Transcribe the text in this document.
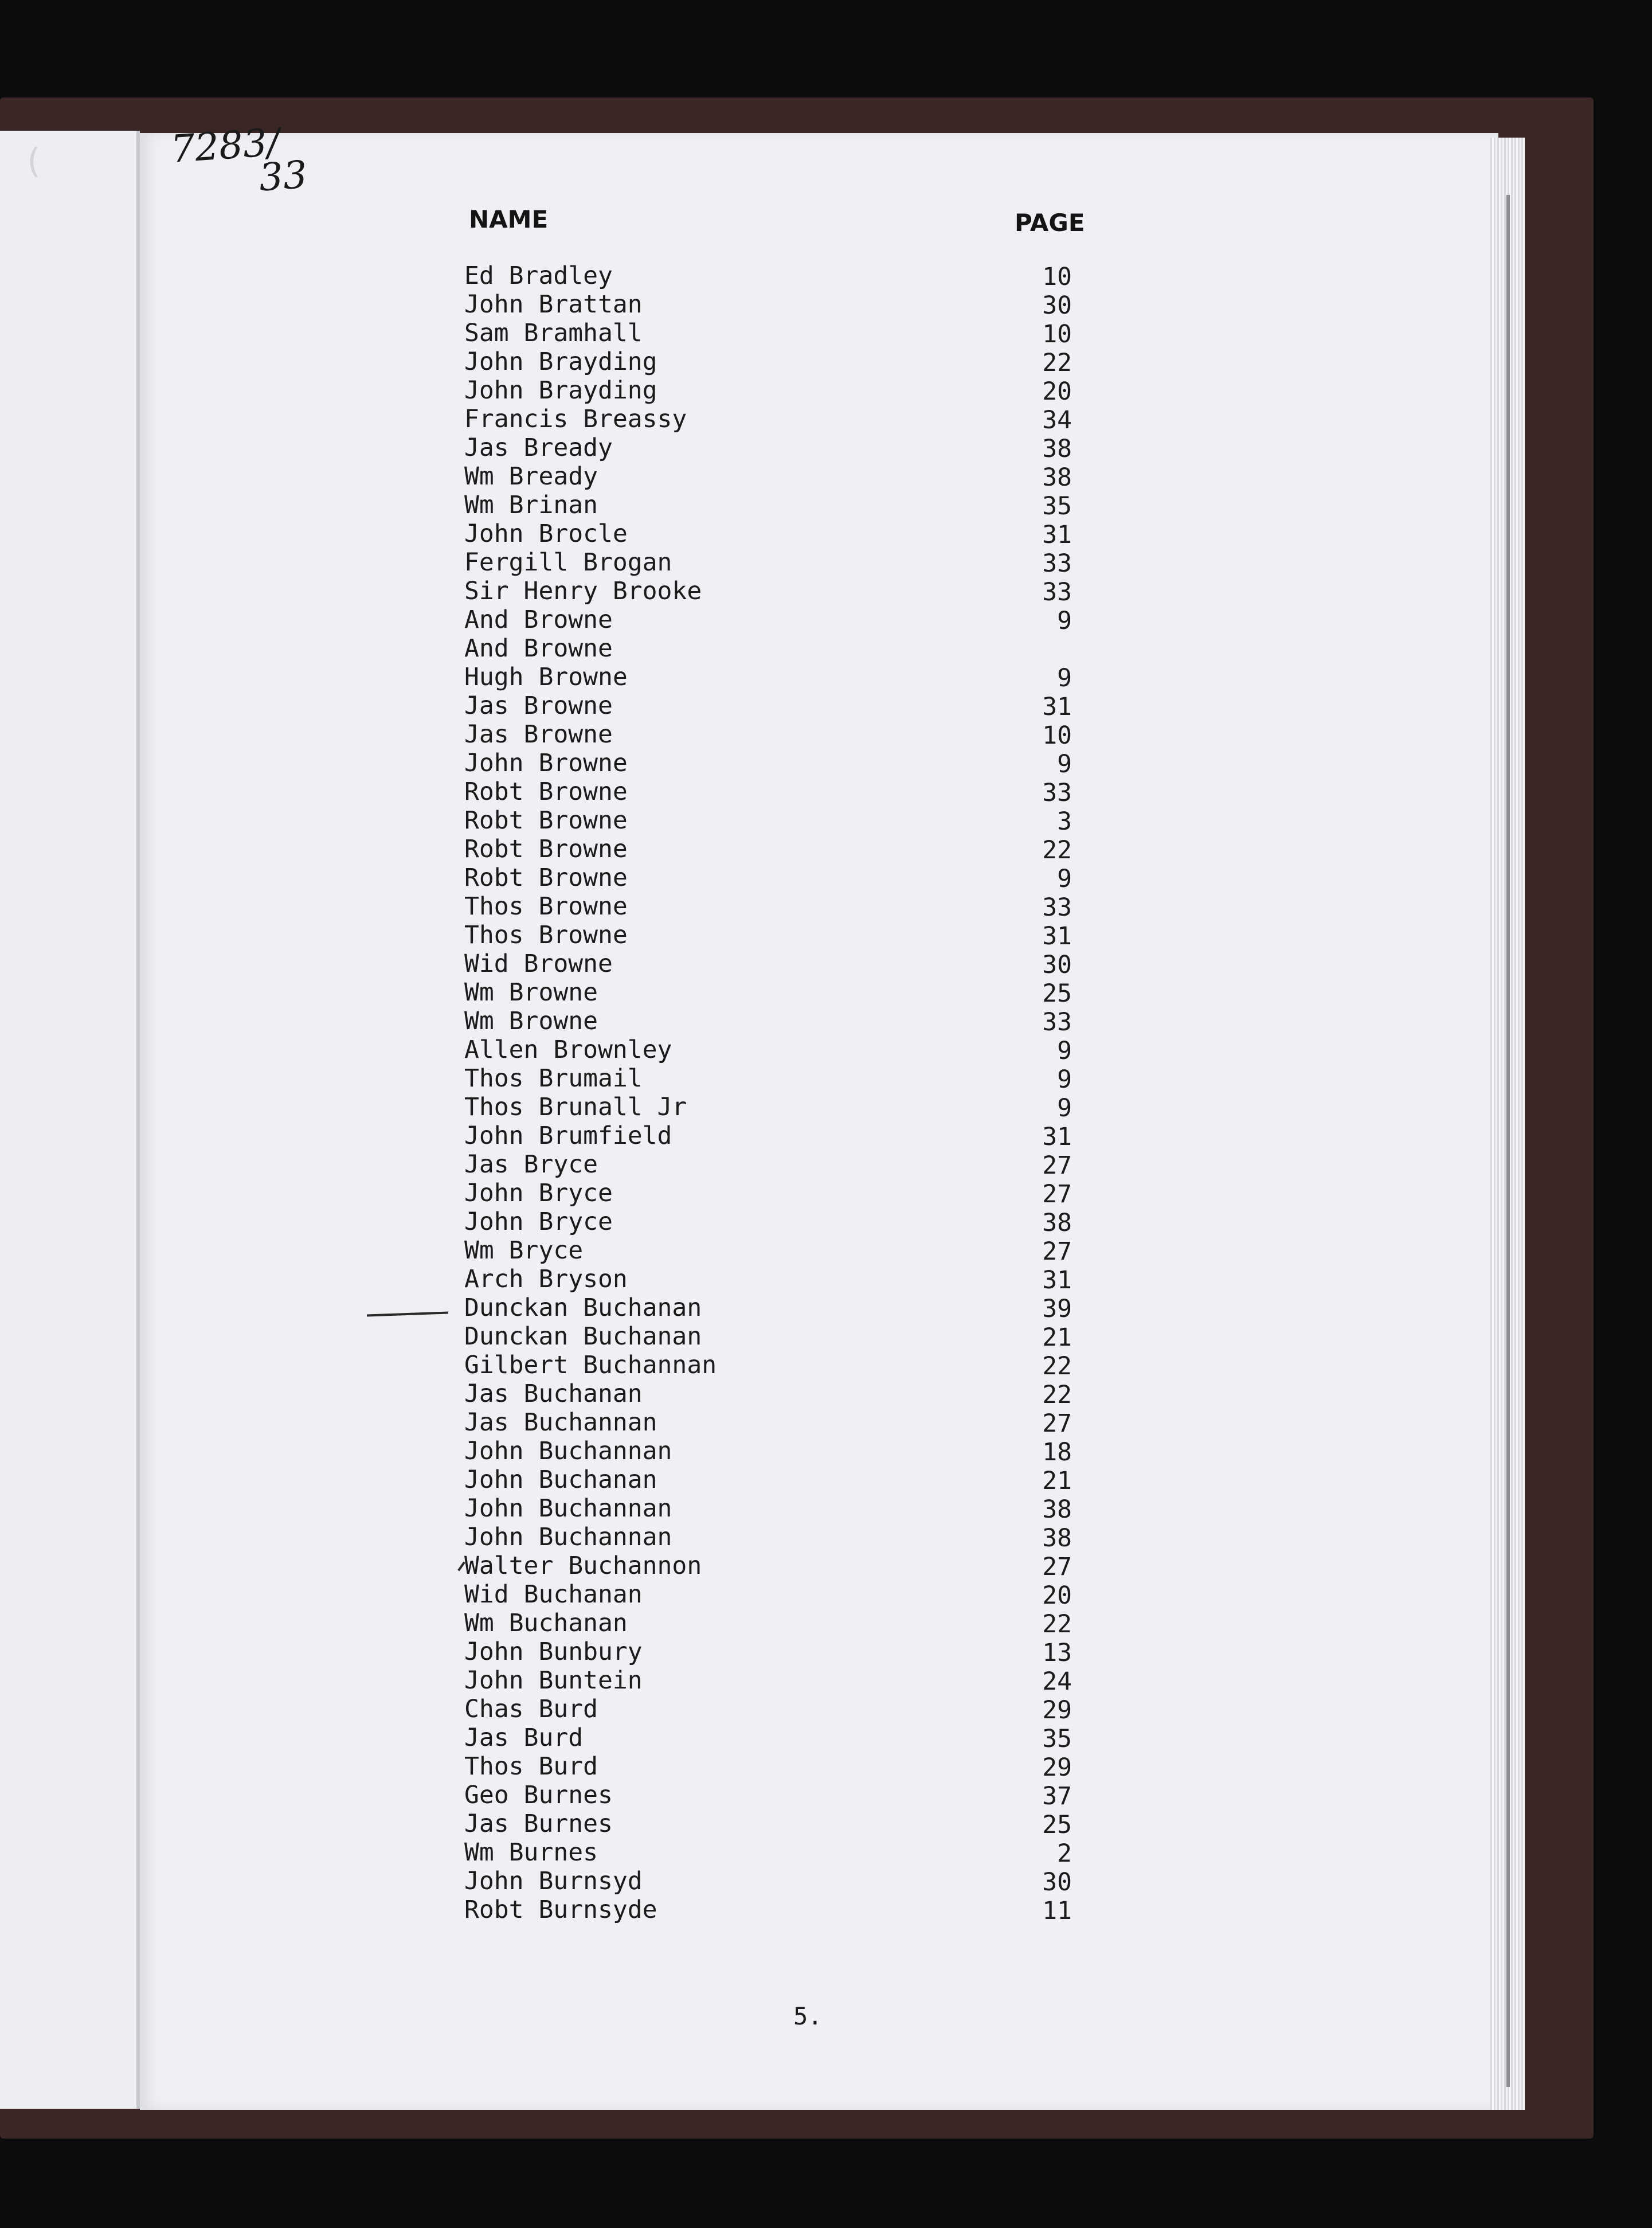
(	7283/
33
NAME	PAGE
Ed Bradley	10
John Brattan	30
Sam Bramhall	10
John Brayding	22
John Brayding	20
Francis Breassy	34
Jas Bready	38
Wm Bready	38
Wm Brinan	35
John Brocle	31
Fergill Brogan	33
Sir Henry Brooke	33
And Browne	9
And Browne
Hugh Browne	9
Jas Browne	31
Jas Browne	10
John Browne	9
Robt Browne	33
Robt Browne	3
Robt Browne	22
Robt Browne	9
Thos Browne	33
Thos Browne	31
Wid Browne	30
Wm Browne	25
Wm Browne	33
Allen Brownley	9
Thos Brumail	9
Thos Brunall Jr	9
John Brumfield	31
Jas Bryce	27
John Bryce	27
John Bryce	38
Wm Bryce	27
Arch Bryson	31
Dunckan Buchanan	39
Dunckan Buchanan	21
Gilbert Buchannan	22
Jas Buchanan	22
Jas Buchannan	27
John Buchannan	18
John Buchanan	21
John Buchannan	38
John Buchannan	38
Walter Buchannon	27
Wid Buchanan	20
Wm Buchanan	22
John Bunbury	13
John Buntein	24
Chas Burd	29
Jas Burd	35
Thos Burd	29
Geo Burnes	37
Jas Burnes	25
Wm Burnes	2
John Burnsyd	30
Robt Burnsyde	11
5.
